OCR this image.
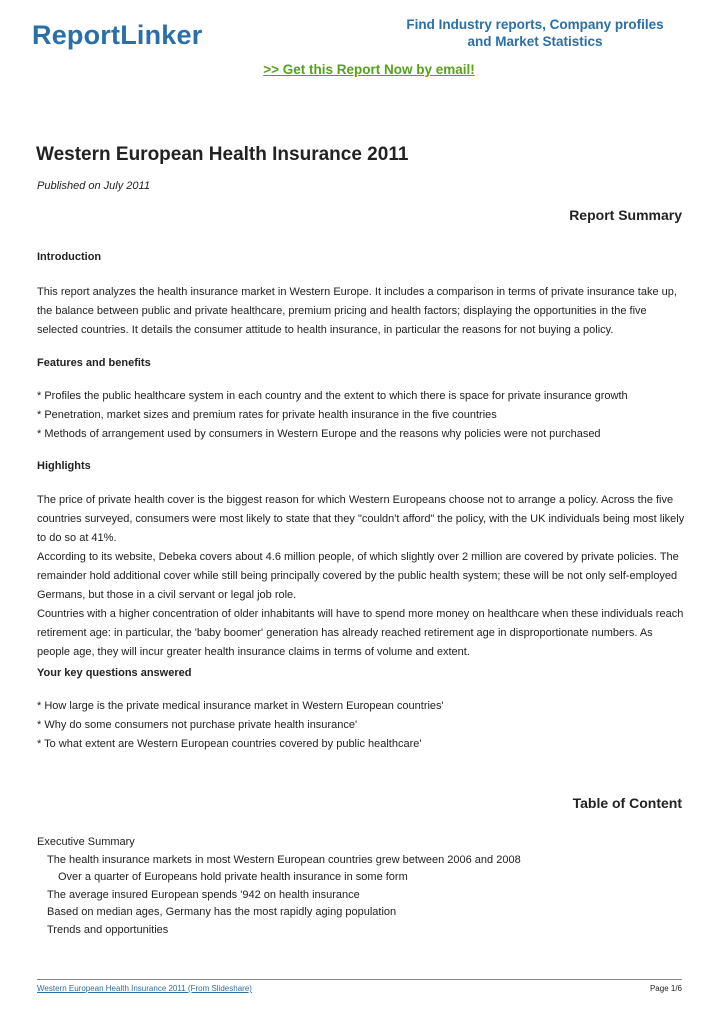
ReportLinker	Find Industry reports, Company profiles
and Market Statistics
>> Get this Report Now by email!
Western European Health Insurance 2011
Published on July 2011
Report Summary
Introduction
This report analyzes the health insurance market in Western Europe. It includes a comparison in terms of private insurance take up,
the balance between public and private healthcare, premium pricing and health factors; displaying the opportunities in the five
selected countries. It details the consumer attitude to health insurance, in particular the reasons for not buying a policy.
Features and benefits
* Profiles the public healthcare system in each country and the extent to which there is space for private insurance growth
* Penetration, market sizes and premium rates for private health insurance in the five countries
* Methods of arrangement used by consumers in Western Europe and the reasons why policies were not purchased
Highlights
The price of private health cover is the biggest reason for which Western Europeans choose not to arrange a policy. Across the five
countries surveyed, consumers were most likely to state that they "couldn't afford" the policy, with the UK individuals being most likely
to do so at 41%.
According to its website, Debeka covers about 4.6 million people, of which slightly over 2 million are covered by private policies. The
remainder hold additional cover while still being principally covered by the public health system; these will be not only self-employed
Germans, but those in a civil servant or legal job role.
Countries with a higher concentration of older inhabitants will have to spend more money on healthcare when these individuals reach
retirement age: in particular, the 'baby boomer' generation has already reached retirement age in disproportionate numbers. As
people age, they will incur greater health insurance claims in terms of volume and extent.
Your key questions answered
* How large is the private medical insurance market in Western European countries'
* Why do some consumers not purchase private health insurance'
* To what extent are Western European countries covered by public healthcare'
Table of Content
Executive Summary
The health insurance markets in most Western European countries grew between 2006 and 2008
Over a quarter of Europeans hold private health insurance in some form
The average insured European spends '942 on health insurance
Based on median ages, Germany has the most rapidly aging population
Trends and opportunities
Western European Health Insurance 2011 (From Slideshare)	Page 1/6
